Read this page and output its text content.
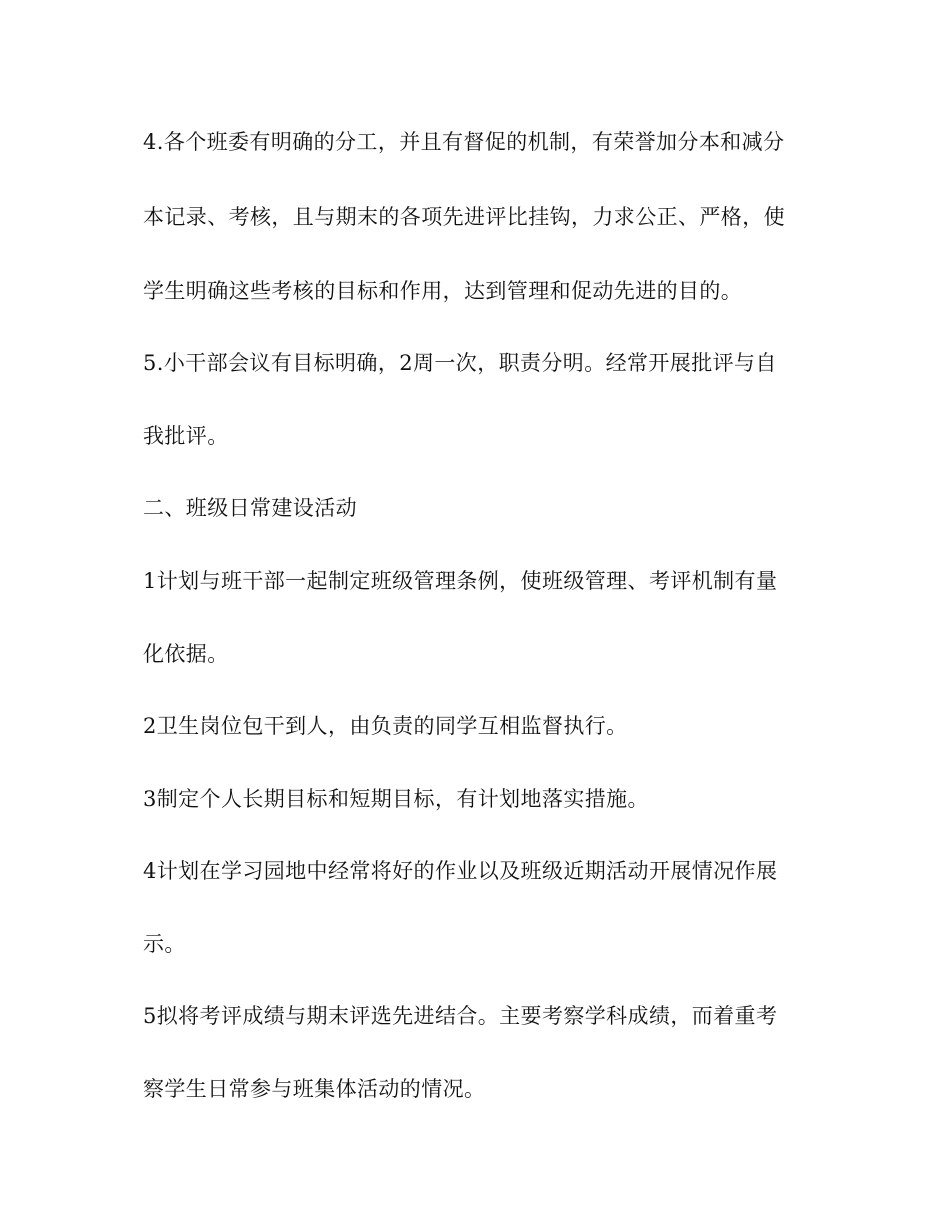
4.各个班委有明确的分工，并且有督促的机制，有荣誉加分本和减分
本记录、考核，且与期末的各项先进评比挂钩，力求公正、严格，使
学生明确这些考核的目标和作用，达到管理和促动先进的目的。
5.小干部会议有目标明确，2周一次，职责分明。经常开展批评与自
我批评。
二、班级日常建设活动
1计划与班干部一起制定班级管理条例，使班级管理、考评机制有量
化依据。
2卫生岗位包干到人，由负责的同学互相监督执行。
3制定个人长期目标和短期目标，有计划地落实措施。
4计划在学习园地中经常将好的作业以及班级近期活动开展情况作展
示。
5拟将考评成绩与期末评选先进结合。主要考察学科成绩，而着重考
察学生日常参与班集体活动的情况。
